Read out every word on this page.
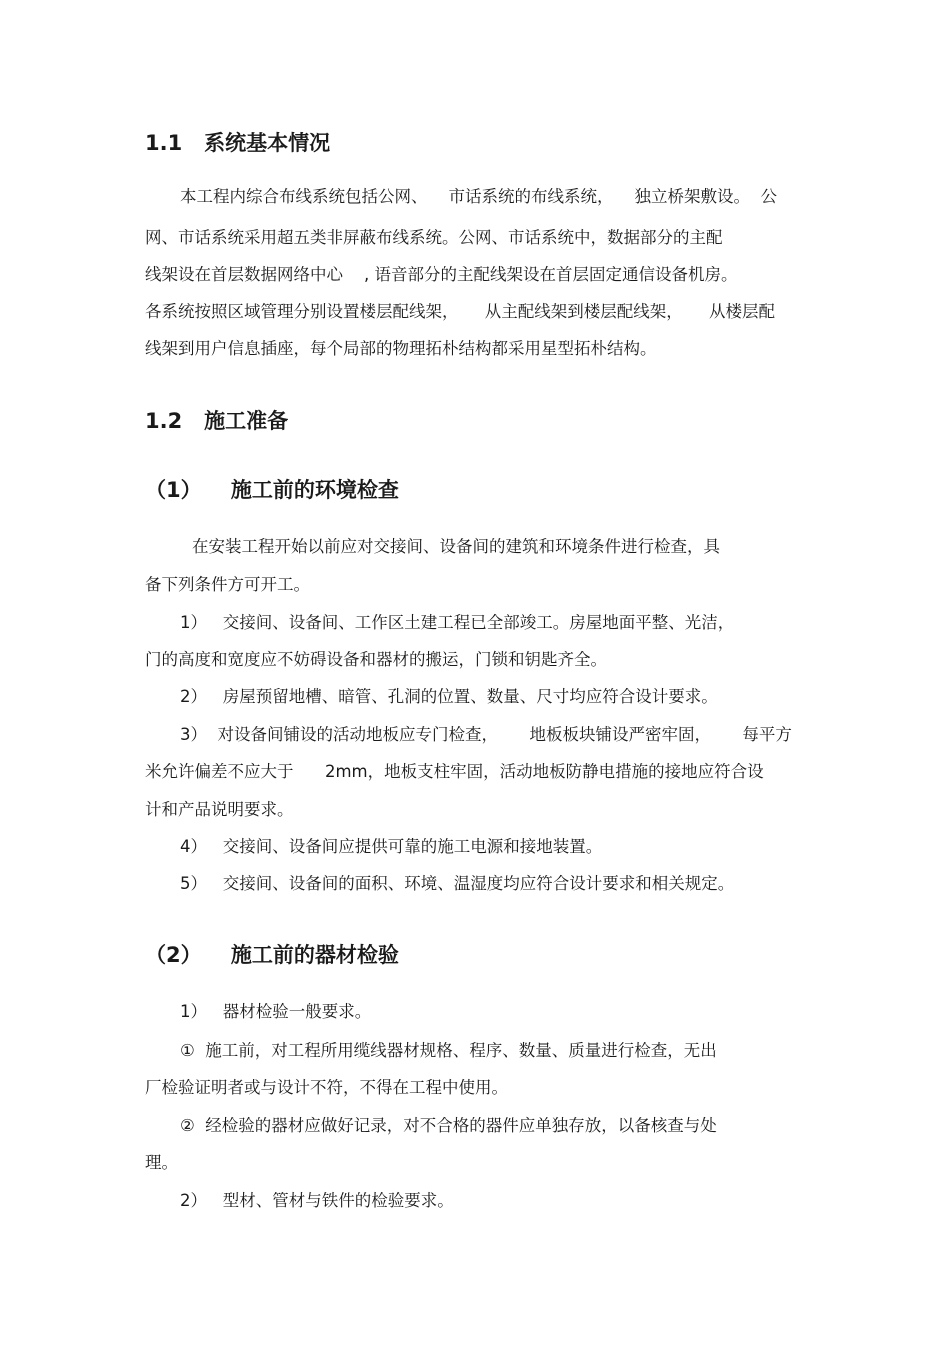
1.1   系统基本情况

本工程内综合布线系统包括公网、    市话系统的布线系统，    独立桥架敷设。  公

网、市话系统采用超五类非屏蔽布线系统。公网、市话系统中，数据部分的主配

线架设在首层数据网络中心    , 语音部分的主配线架设在首层固定通信设备机房。

各系统按照区域管理分别设置楼层配线架，     从主配线架到楼层配线架，     从楼层配

线架到用户信息插座，每个局部的物理拓朴结构都采用星型拓朴结构。

1.2   施工准备
（1）    施工前的环境检查

在安装工程开始以前应对交接间、设备间的建筑和环境条件进行检查，具

备下列条件方可开工。

1）   交接间、设备间、工作区土建工程已全部竣工。房屋地面平整、光洁，

门的高度和宽度应不妨碍设备和器材的搬运，门锁和钥匙齐全。

2）   房屋预留地槽、暗管、孔洞的位置、数量、尺寸均应符合设计要求。

3）  对设备间铺设的活动地板应专门检查，      地板板块铺设严密牢固，      每平方

米允许偏差不应大于      2mm，地板支柱牢固，活动地板防静电措施的接地应符合设

计和产品说明要求。

4）   交接间、设备间应提供可靠的施工电源和接地装置。

5）   交接间、设备间的面积、环境、温湿度均应符合设计要求和相关规定。

（2）    施工前的器材检验

1）   器材检验一般要求。

①  施工前，对工程所用缆线器材规格、程序、数量、质量进行检查，无出

厂检验证明者或与设计不符，不得在工程中使用。

②  经检验的器材应做好记录，对不合格的器件应单独存放，以备核查与处

理。

2）   型材、管材与铁件的检验要求。
